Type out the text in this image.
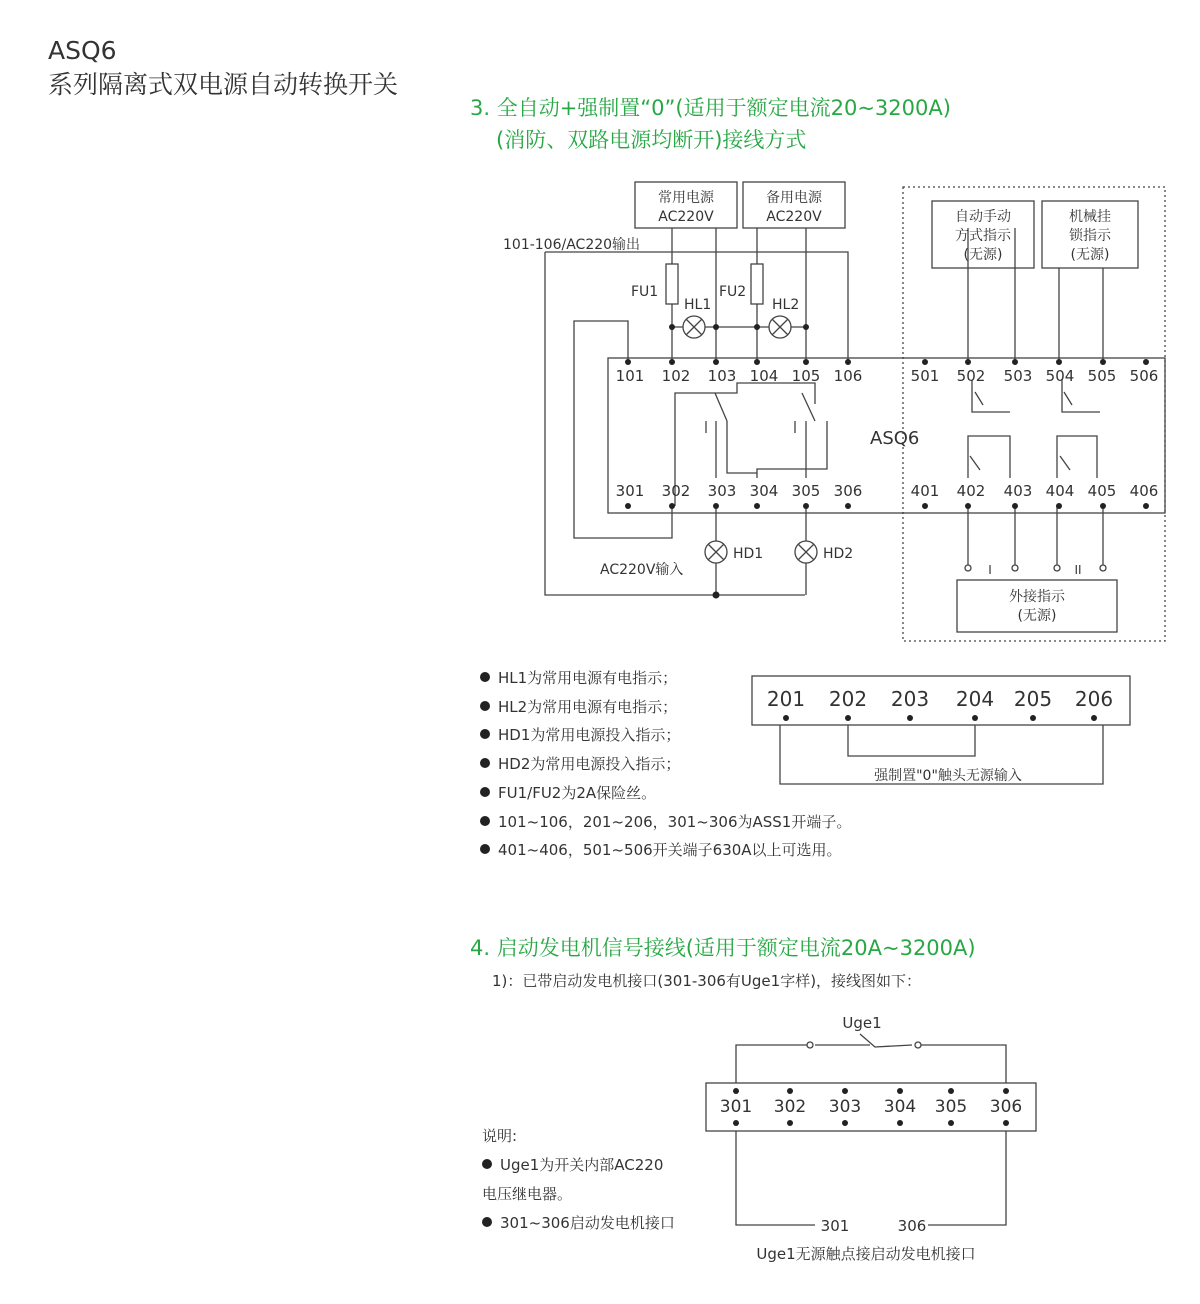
ASQ6
系列隔离式双电源自动转换开关
3. 全自动+强制置“0”(适用于额定电流20~3200A)
(消防、双路电源均断开)接线方式
常用电源
AC220V
备用电源
AC220V	自动手动
方式指示
(无源)
机械挂
锁指示
(无源)
外接指示
(无源)
I	II
101-106/AC220输出
FU1	FU2
HL1	HL2
HD1	HD2
AC220V输入
ASQ6
101 102 103 104 105 106	501 502 503 504 505 506
301 302 303 304 305 306	401 402 403 404 405 406
201 202 203 204 205 206
强制置"0"触头无源输入
301 302 303 304 305 306
Uge1
301	306
Uge1无源触点接启动发电机接口
HL1为常用电源有电指示；
HL2为常用电源有电指示；
HD1为常用电源投入指示；
HD2为常用电源投入指示；
FU1/FU2为2A保险丝。
101~106，201~206，301~306为ASS1开端子。
401~406，501~506开关端子630A以上可选用。
4. 启动发电机信号接线(适用于额定电流20A~3200A)
1)：已带启动发电机接口(301-306有Uge1字样)，接线图如下：
说明:
Uge1为开关内部AC220
电压继电器。
301~306启动发电机接口
